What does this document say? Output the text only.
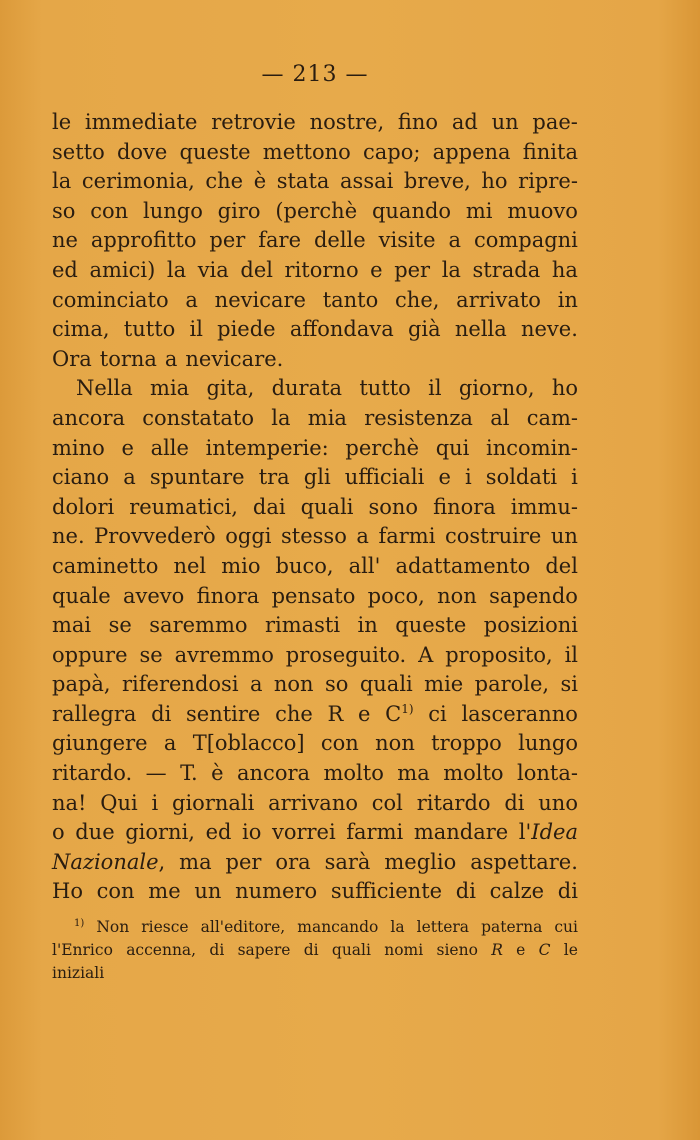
— 213 —
le immediate retrovie nostre, fino ad un pae-
setto dove queste mettono capo; appena finita
la cerimonia, che è stata assai breve, ho ripre-
so con lungo giro (perchè quando mi muovo
ne approfitto per fare delle visite a compagni
ed amici) la via del ritorno e per la strada ha
cominciato a nevicare tanto che, arrivato in
cima, tutto il piede affondava già nella neve.
Ora torna a nevicare.
Nella mia gita, durata tutto il giorno, ho
ancora constatato la mia resistenza al cam-
mino e alle intemperie: perchè qui incomin-
ciano a spuntare tra gli ufficiali e i soldati i
dolori reumatici, dai quali sono finora immu-
ne. Provvederò oggi stesso a farmi costruire un
caminetto nel mio buco, all' adattamento del
quale avevo finora pensato poco, non sapendo
mai se saremmo rimasti in queste posizioni
oppure se avremmo proseguito. A proposito, il
papà, riferendosi a non so quali mie parole, si
rallegra di sentire che R e $C^{1)}$ ci lasceranno
giungere a T[oblacco] con non troppo lungo
ritardo. — T. è ancora molto ma molto lonta-
na! Qui i giornali arrivano col ritardo di uno
o due giorni, ed io vorrei farmi mandare l'Idea
Nazionale, ma per ora sarà meglio aspettare.
Ho con me un numero sufficiente di calze di
$^{1)}$ Non riesce all'editore, mancando la lettera paterna cui
l'Enrico accenna, di sapere di quali nomi sieno R e C le
iniziali
